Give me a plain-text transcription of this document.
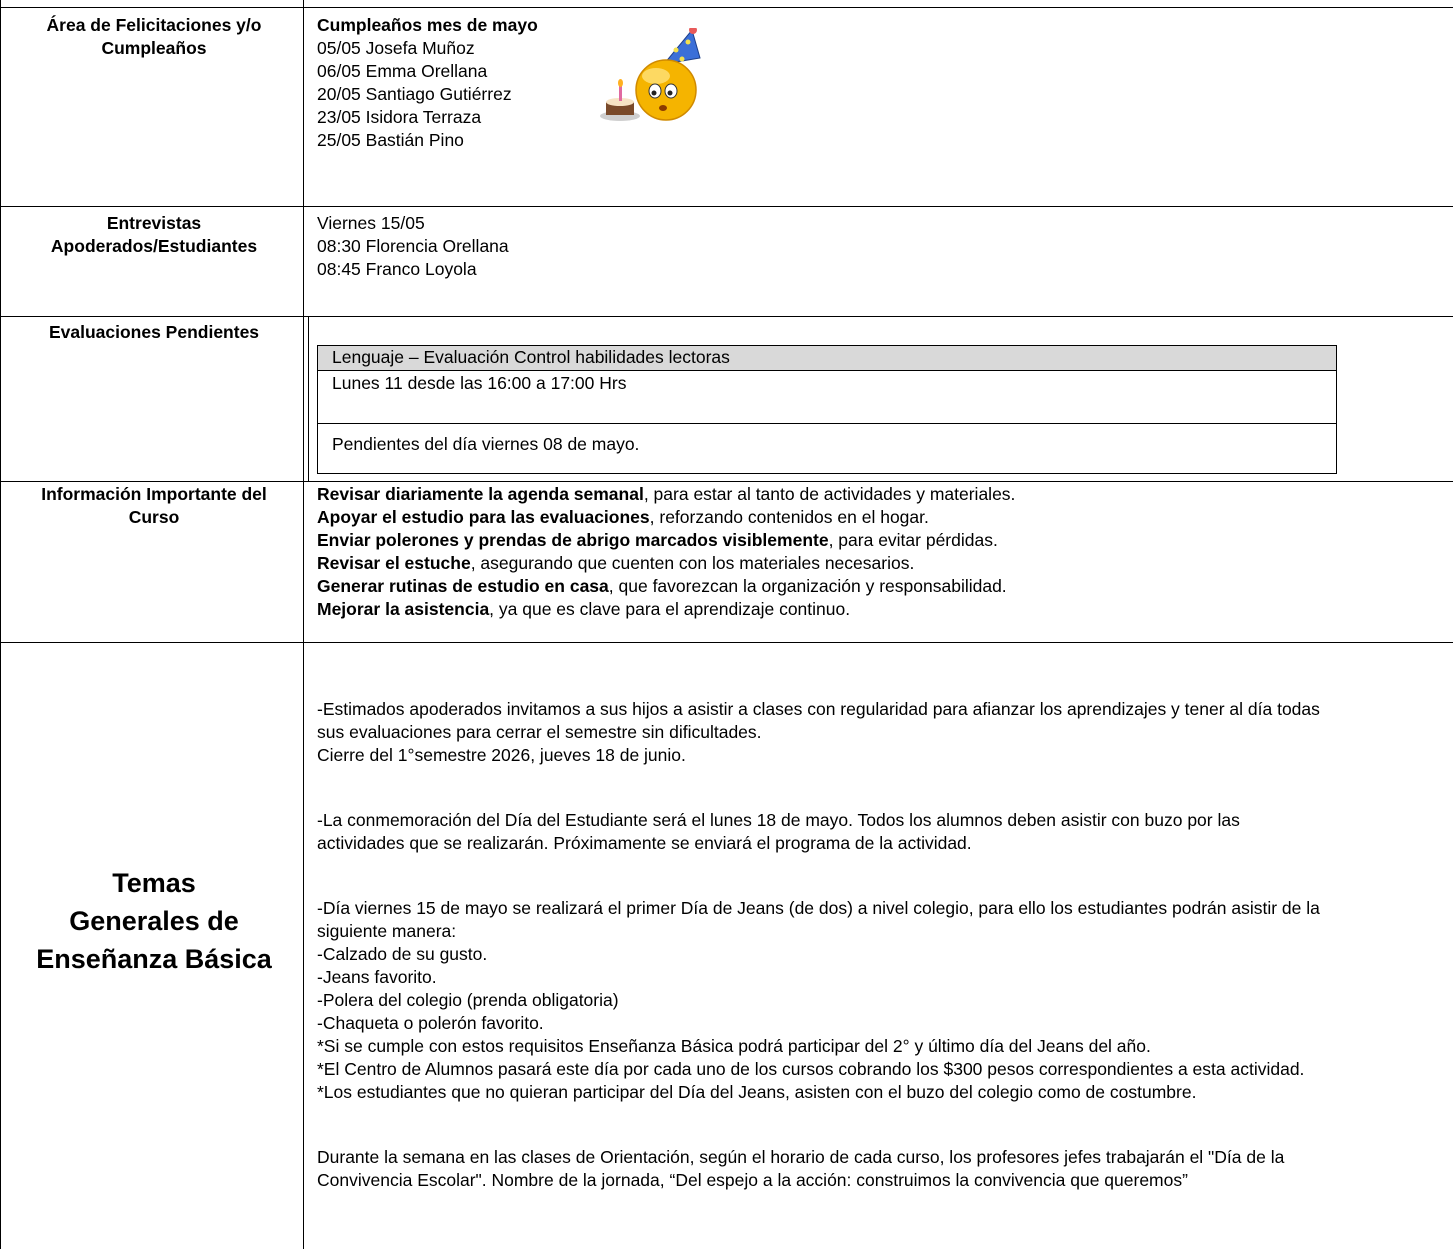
Área de Felicitaciones y/o
Cumpleaños
Cumpleaños mes de mayo
05/05 Josefa Muñoz
06/05 Emma Orellana
20/05 Santiago Gutiérrez
23/05 Isidora Terraza
25/05 Bastián Pino
Entrevistas
Apoderados/Estudiantes
Viernes 15/05
08:30 Florencia Orellana
08:45 Franco Loyola
Evaluaciones Pendientes
Lenguaje – Evaluación Control habilidades lectoras
Lunes 11 desde las 16:00 a 17:00 Hrs
Pendientes del día viernes 08 de mayo.
Información Importante del
Curso
Revisar diariamente la agenda semanal, para estar al tanto de actividades y materiales.
Apoyar el estudio para las evaluaciones, reforzando contenidos en el hogar.
Enviar polerones y prendas de abrigo marcados visiblemente, para evitar pérdidas.
Revisar el estuche, asegurando que cuenten con los materiales necesarios.
Generar rutinas de estudio en casa, que favorezcan la organización y responsabilidad.
Mejorar la asistencia, ya que es clave para el aprendizaje continuo.
Temas
Generales de
Enseñanza Básica
-Estimados apoderados invitamos a sus hijos a asistir a clases con regularidad para afianzar los aprendizajes y tener al día todas
sus evaluaciones para cerrar el semestre sin dificultades.
Cierre del 1°semestre 2026, jueves 18 de junio.
-La conmemoración del Día del Estudiante será el lunes 18 de mayo. Todos los alumnos deben asistir con buzo por las
actividades que se realizarán. Próximamente se enviará el programa de la actividad.
-Día viernes 15 de mayo se realizará el primer Día de Jeans (de dos) a nivel colegio, para ello los estudiantes podrán asistir de la
siguiente manera:
-Calzado de su gusto.
-Jeans favorito.
-Polera del colegio (prenda obligatoria)
-Chaqueta o polerón favorito.
*Si se cumple con estos requisitos Enseñanza Básica podrá participar del 2° y último día del Jeans del año.
*El Centro de Alumnos pasará este día por cada uno de los cursos cobrando los $300 pesos correspondientes a esta actividad.
*Los estudiantes que no quieran participar del Día del Jeans, asisten con el buzo del colegio como de costumbre.
Durante la semana en las clases de Orientación, según el horario de cada curso, los profesores jefes trabajarán el "Día de la
Convivencia Escolar". Nombre de la jornada, “Del espejo a la acción: construimos la convivencia que queremos”
